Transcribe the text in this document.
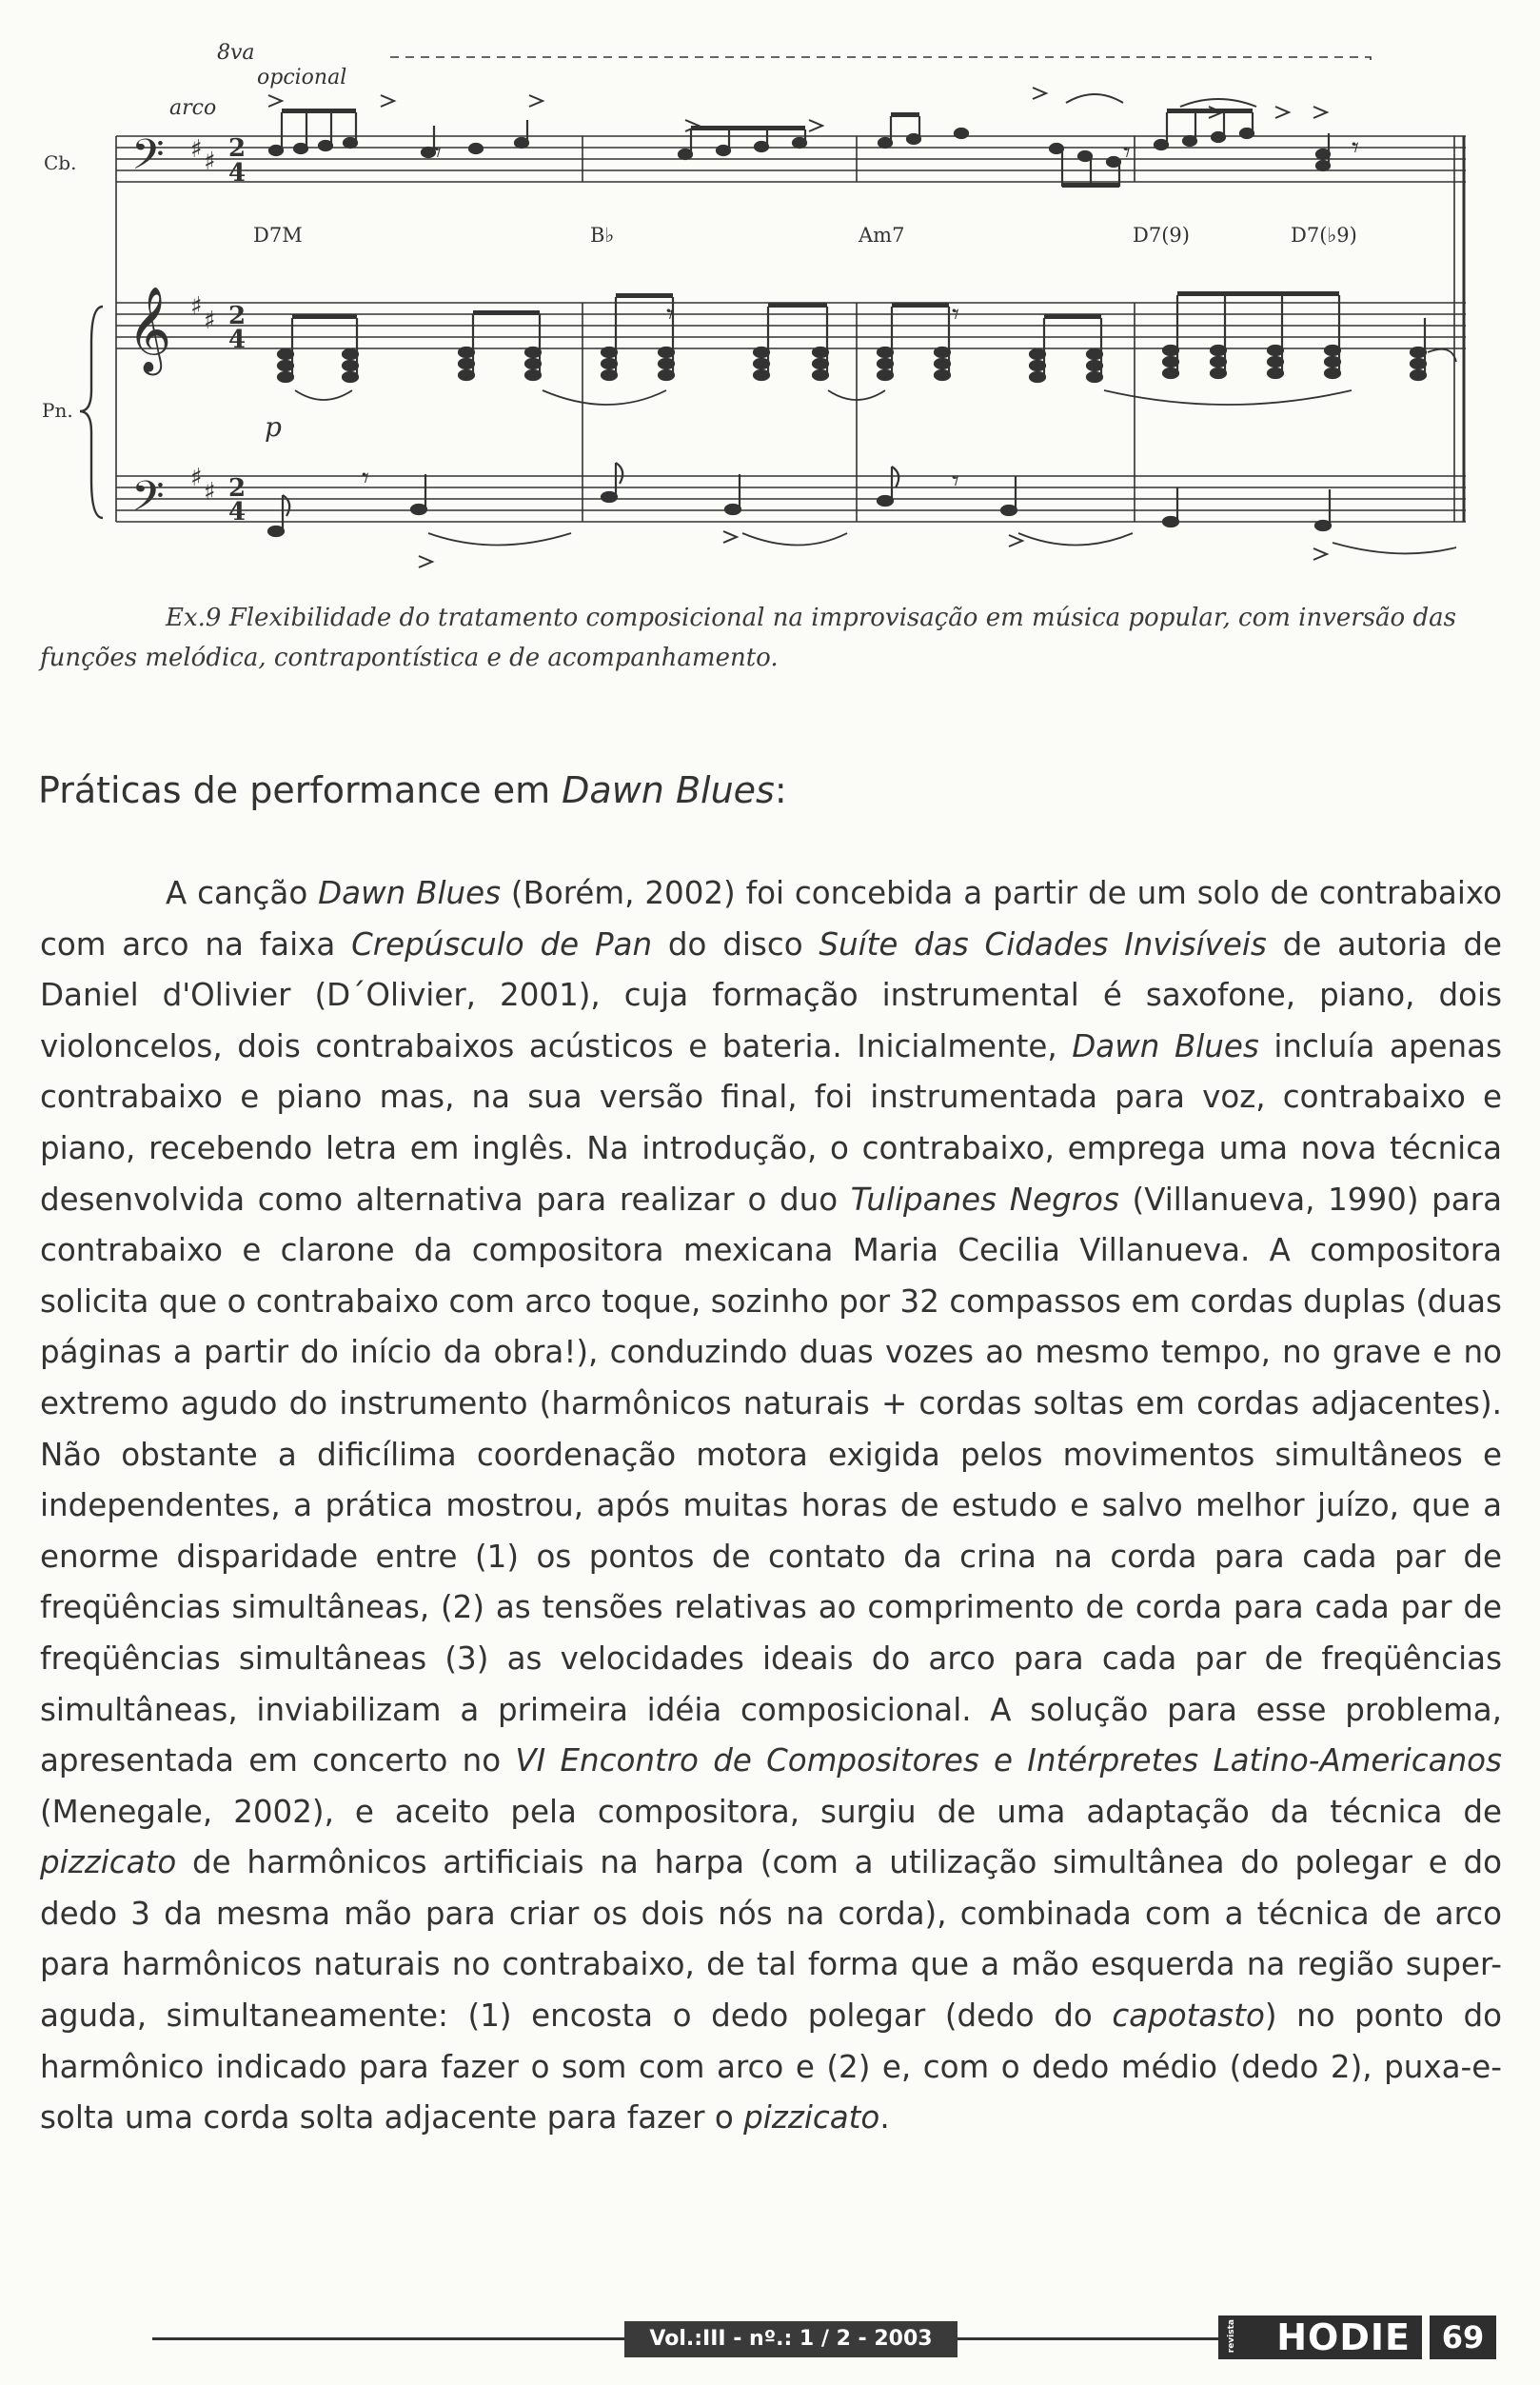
𝄢
𝄞
𝄢
♯ ♯
♯ ♯
♯ ♯
2
4
2
4
2
4
8va
opcional
arco
Cb.
Pn.
p
D7M	B♭	Am7	D7(9)	D7(♭9)
𝄾
𝄾
𝄾	𝄾
𝄾
𝄾	𝄾

Ex.9 Flexibilidade do tratamento composicional na improvisação em música popular, com inversão das funções melódica, contrapontística e de acompanhamento.

Práticas de performance em Dawn Blues:

A canção Dawn Blues (Borém, 2002) foi concebida a partir de um solo de contrabaixo com arco na faixa Crepúsculo de Pan do disco Suíte das Cidades Invisíveis de autoria de Daniel d'Olivier (D´Olivier, 2001), cuja formação instrumental é saxofone, piano, dois violoncelos, dois contrabaixos acústicos e bateria. Inicialmente, Dawn Blues incluía apenas contrabaixo e piano mas, na sua versão final, foi instrumentada para voz, contrabaixo e piano, recebendo letra em inglês. Na introdução, o contrabaixo, emprega uma nova técnica desenvolvida como alternativa para realizar o duo Tulipanes Negros (Villanueva, 1990) para contrabaixo e clarone da compositora mexicana Maria Cecilia Villanueva. A compositora solicita que o contrabaixo com arco toque, sozinho por 32 compassos em cordas duplas (duas páginas a partir do início da obra!), conduzindo duas vozes ao mesmo tempo, no grave e no extremo agudo do instrumento (harmônicos naturais + cordas soltas em cordas adjacentes). Não obstante a dificílima coordenação motora exigida pelos movimentos simultâneos e independentes, a prática mostrou, após muitas horas de estudo e salvo melhor juízo, que a enorme disparidade entre (1) os pontos de contato da crina na corda para cada par de freqüências simultâneas, (2) as tensões relativas ao comprimento de corda para cada par de freqüências simultâneas (3) as velocidades ideais do arco para cada par de freqüências simultâneas, inviabilizam a primeira idéia composicional. A solução para esse problema, apresentada em concerto no VI Encontro de Compositores e Intérpretes Latino-Americanos (Menegale, 2002), e aceito pela compositora, surgiu de uma adaptação da técnica de pizzicato de harmônicos artificiais na harpa (com a utilização simultânea do polegar e do dedo 3 da mesma mão para criar os dois nós na corda), combinada com a técnica de arco para harmônicos naturais no contrabaixo, de tal forma que a mão esquerda na região super-aguda, simultaneamente: (1) encosta o dedo polegar (dedo do capotasto) no ponto do harmônico indicado para fazer o som com arco e (2) e, com o dedo médio (dedo 2), puxa-e-solta uma corda solta adjacente para fazer o pizzicato.

Vol.:III - nº.: 1 / 2 - 2003	revista HODIE	69
